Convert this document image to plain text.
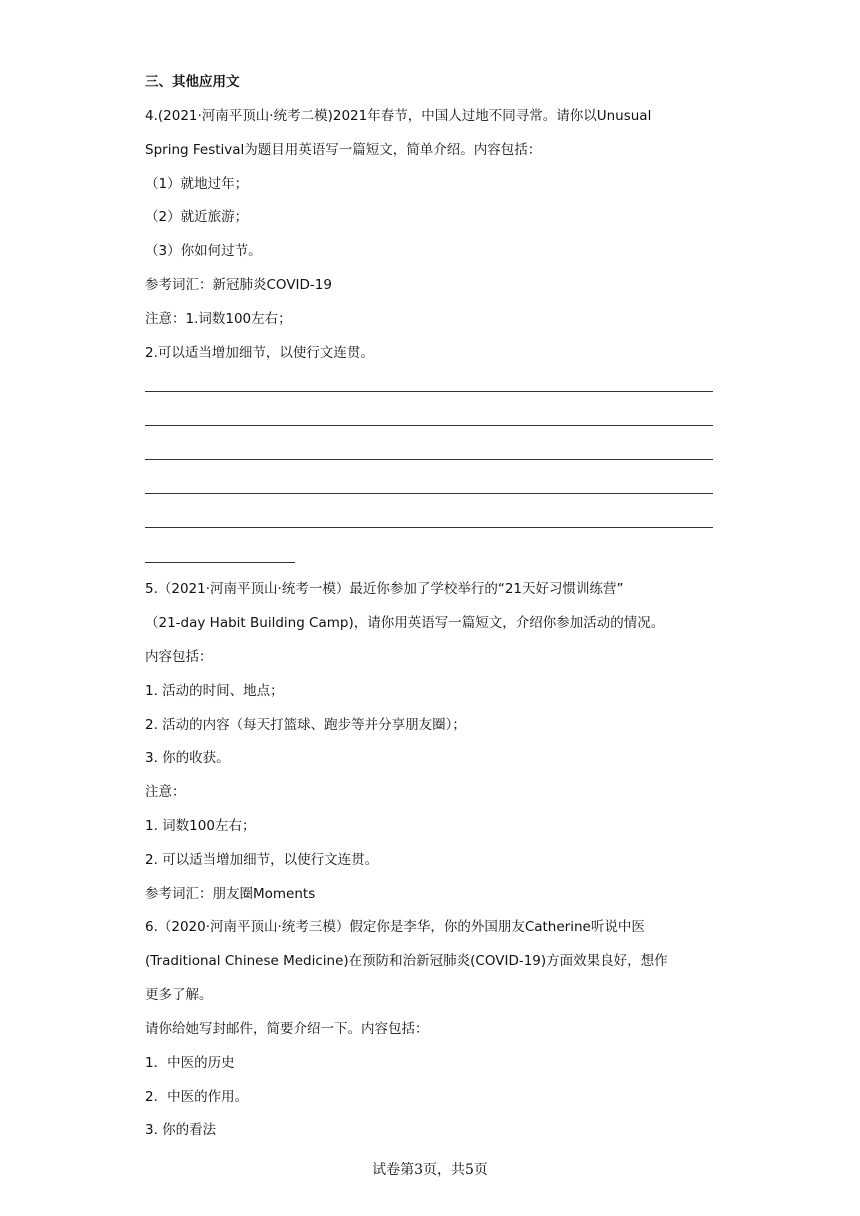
三、其他应用文
4.(2021·河南平顶山·统考二模)2021年春节，中国人过地不同寻常。请你以Unusual
Spring Festival为题目用英语写一篇短文，简单介绍。内容包括：
（1）就地过年；
（2）就近旅游；
（3）你如何过节。
参考词汇：新冠肺炎COVID-19
注意：1.词数100左右；
2.可以适当增加细节，以使行文连贯。
5.（2021·河南平顶山·统考一模）最近你参加了学校举行的“21天好习惯训练营”
（21-day Habit Building Camp)，请你用英语写一篇短文，介绍你参加活动的情况。
内容包括：
1. 活动的时间、地点；
2. 活动的内容（每天打篮球、跑步等并分享朋友圈）；
3. 你的收获。
注意：
1. 词数100左右；
2. 可以适当增加细节，以使行文连贯。
参考词汇：朋友圈Moments
6.（2020·河南平顶山·统考三模）假定你是李华，你的外国朋友Catherine听说中医
(Traditional Chinese Medicine)在预防和治新冠肺炎(COVID-19)方面效果良好，想作
更多了解。
请你给她写封邮件，简要介绍一下。内容包括：
1．中医的历史
2．中医的作用。
3. 你的看法
试卷第3页，共5页
